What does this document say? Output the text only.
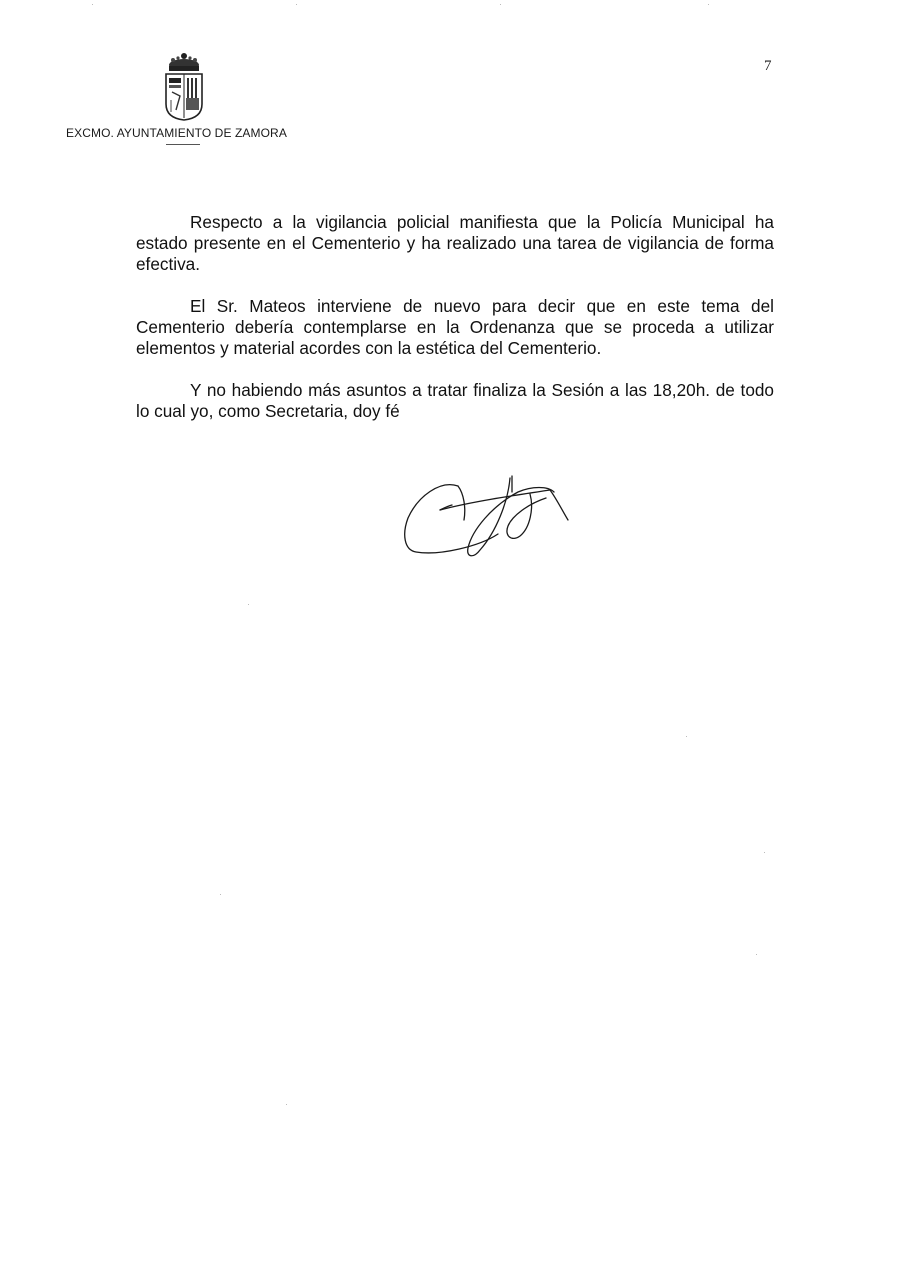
EXCMO. AYUNTAMIENTO DE ZAMORA
7

Respecto a la vigilancia policial manifiesta que la Policía Municipal ha estado presente en el Cementerio y ha realizado una tarea de vigilancia de forma efectiva.

El Sr. Mateos interviene de nuevo para decir que en este tema del Cementerio debería contemplarse en la Ordenanza que se proceda a utilizar elementos y material acordes con la estética del Cementerio.

Y no habiendo más asuntos a tratar finaliza la Sesión a las 18,20h. de todo lo cual yo, como Secretaria, doy fé
